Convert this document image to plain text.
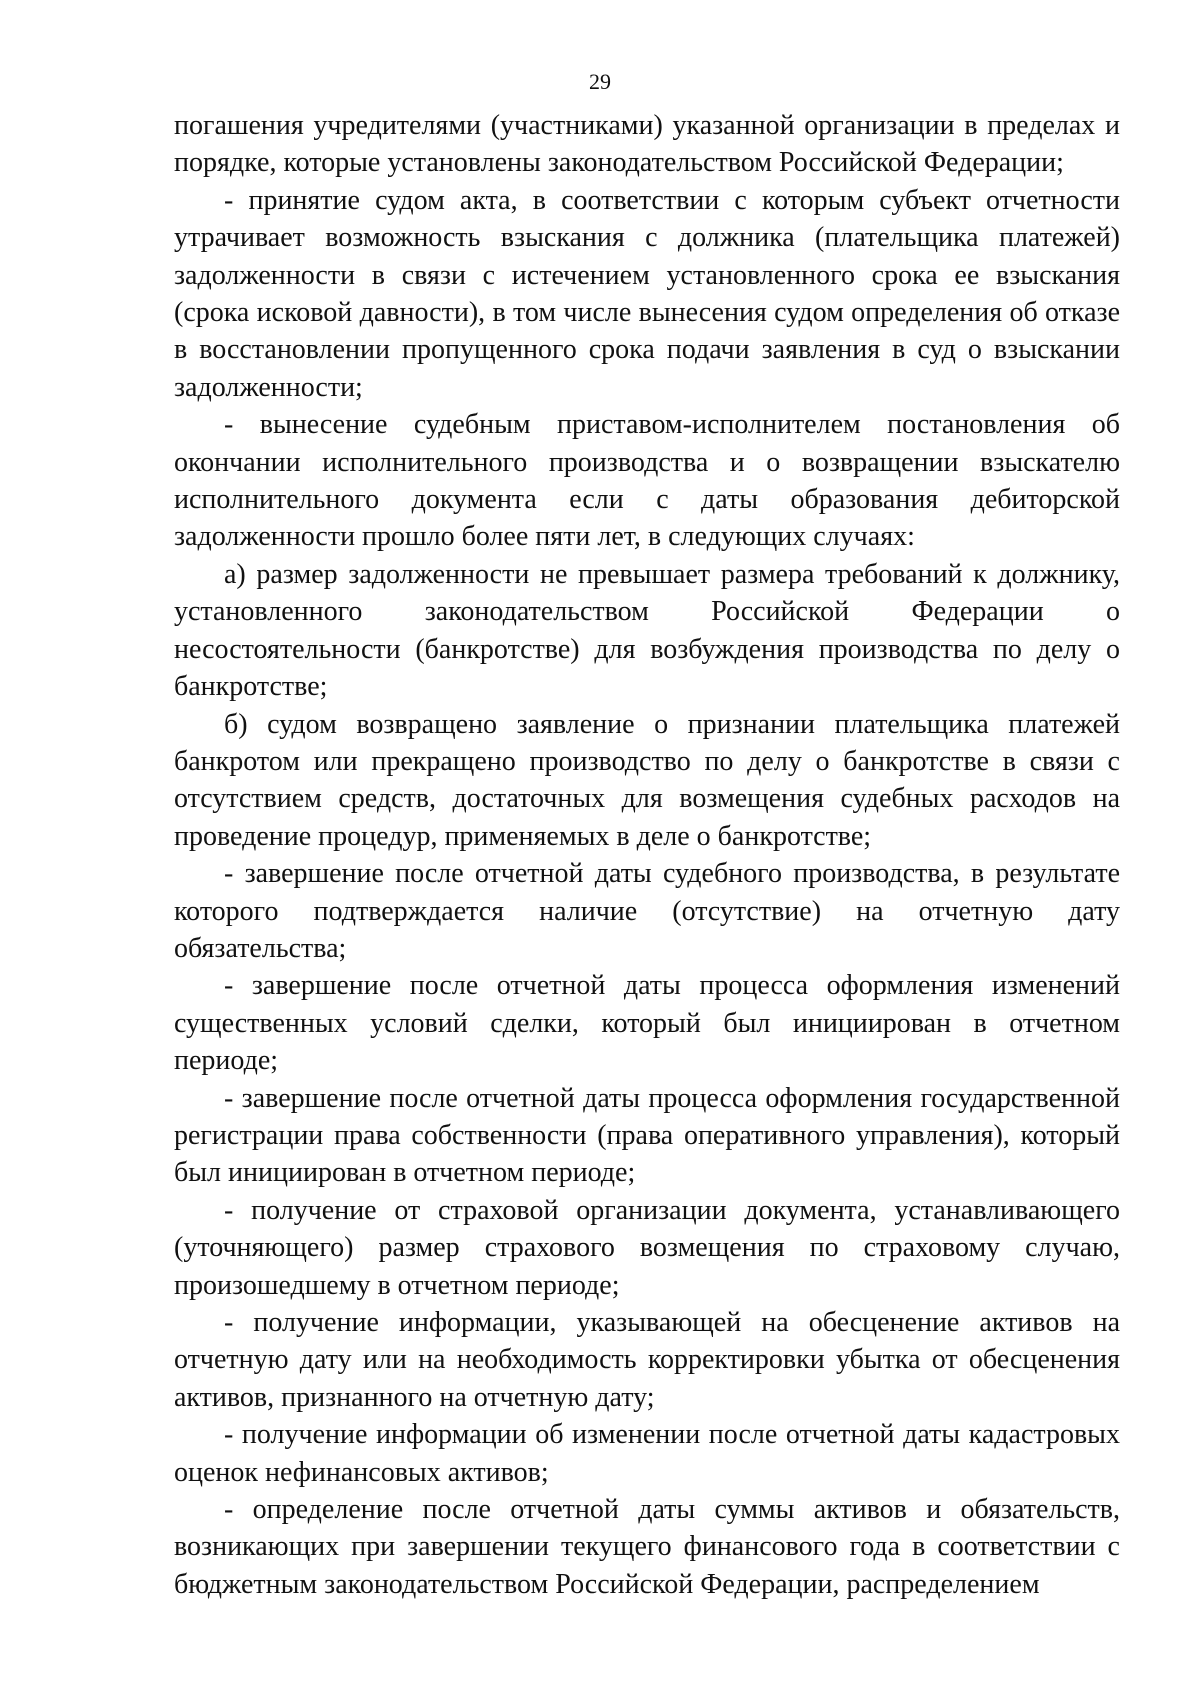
29

погашения учредителями (участниками) указанной организации в пределах и порядке, которые установлены законодательством Российской Федерации;

- принятие судом акта, в соответствии с которым субъект отчетности утрачивает возможность взыскания с должника (плательщика платежей) задолженности в связи с истечением установленного срока ее взыскания (срока исковой давности), в том числе вынесения судом определения об отказе в восстановлении пропущенного срока подачи заявления в суд о взыскании задолженности;

- вынесение судебным приставом-исполнителем постановления об окончании исполнительного производства и о возвращении взыскателю исполнительного документа если с даты образования дебиторской задолженности прошло более пяти лет, в следующих случаях:

а) размер задолженности не превышает размера требований к должнику, установленного законодательством Российской Федерации о несостоятельности (банкротстве) для возбуждения производства по делу о банкротстве;

б) судом возвращено заявление о признании плательщика платежей банкротом или прекращено производство по делу о банкротстве в связи с отсутствием средств, достаточных для возмещения судебных расходов на проведение процедур, применяемых в деле о банкротстве;

- завершение после отчетной даты судебного производства, в результате которого подтверждается наличие (отсутствие) на отчетную дату обязательства;

- завершение после отчетной даты процесса оформления изменений существенных условий сделки, который был инициирован в отчетном периоде;

- завершение после отчетной даты процесса оформления государственной регистрации права собственности (права оперативного управления), который был инициирован в отчетном периоде;

- получение от страховой организации документа, устанавливающего (уточняющего) размер страхового возмещения по страховому случаю, произошедшему в отчетном периоде;

- получение информации, указывающей на обесценение активов на отчетную дату или на необходимость корректировки убытка от обесценения активов, признанного на отчетную дату;

- получение информации об изменении после отчетной даты кадастровых оценок нефинансовых активов;

- определение после отчетной даты суммы активов и обязательств, возникающих при завершении текущего финансового года в соответствии с бюджетным законодательством Российской Федерации, распределением
